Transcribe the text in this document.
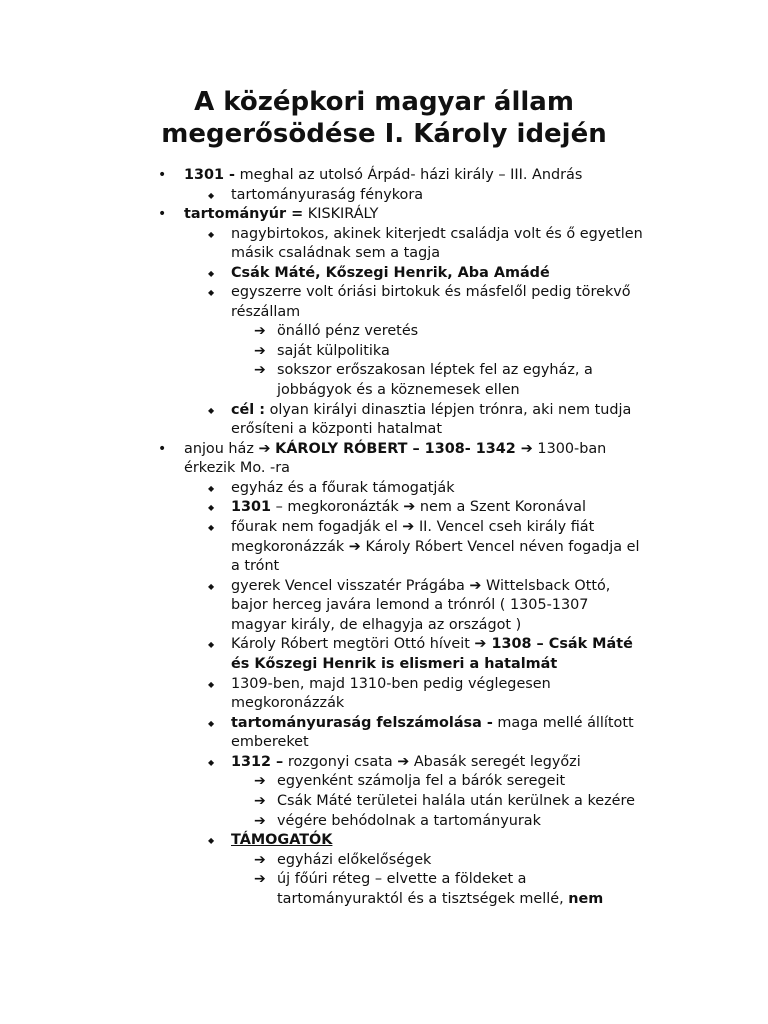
A középkori magyar állam
megerősödése I. Károly idején
•
◆
•
◆
◆
◆
➔
➔
➔
◆
•
◆
◆
◆
◆
◆
◆
◆
◆
➔
➔
➔
◆
➔
➔
1301 - meghal az utolsó Árpád- házi király – III. András
tartományuraság fénykora
tartományúr = KISKIRÁLY
nagybirtokos, akinek kiterjedt családja volt és ő egyetlen
másik családnak sem a tagja
Csák Máté, Kőszegi Henrik, Aba Amádé
egyszerre volt óriási birtokuk és másfelől pedig törekvő
részállam
önálló pénz veretés
saját külpolitika
sokszor erőszakosan léptek fel az egyház, a
jobbágyok és a köznemesek ellen
cél : olyan királyi dinasztia lépjen trónra, aki nem tudja
erősíteni a központi hatalmat
anjou ház ➔ KÁROLY RÓBERT – 1308- 1342 ➔ 1300-ban
érkezik Mo. -ra
egyház és a főurak támogatják
1301 – megkoronázták ➔ nem a Szent Koronával
főurak nem fogadják el ➔ II. Vencel cseh király fiát
megkoronázzák ➔ Károly Róbert Vencel néven fogadja el
a trónt
gyerek Vencel visszatér Prágába ➔ Wittelsback Ottó,
bajor herceg javára lemond a trónról ( 1305-1307
magyar király, de elhagyja az országot )
Károly Róbert megtöri Ottó híveit ➔ 1308 – Csák Máté
és Kőszegi Henrik is elismeri a hatalmát
1309-ben, majd 1310-ben pedig véglegesen
megkoronázzák
tartományuraság felszámolása - maga mellé állított
embereket
1312 – rozgonyi csata ➔ Abasák seregét legyőzi
egyenként számolja fel a bárók seregeit
Csák Máté területei halála után kerülnek a kezére
végére behódolnak a tartományurak
TÁMOGATÓK
egyházi előkelőségek
új főúri réteg – elvette a földeket a
tartományuraktól és a tisztségek mellé, nem
